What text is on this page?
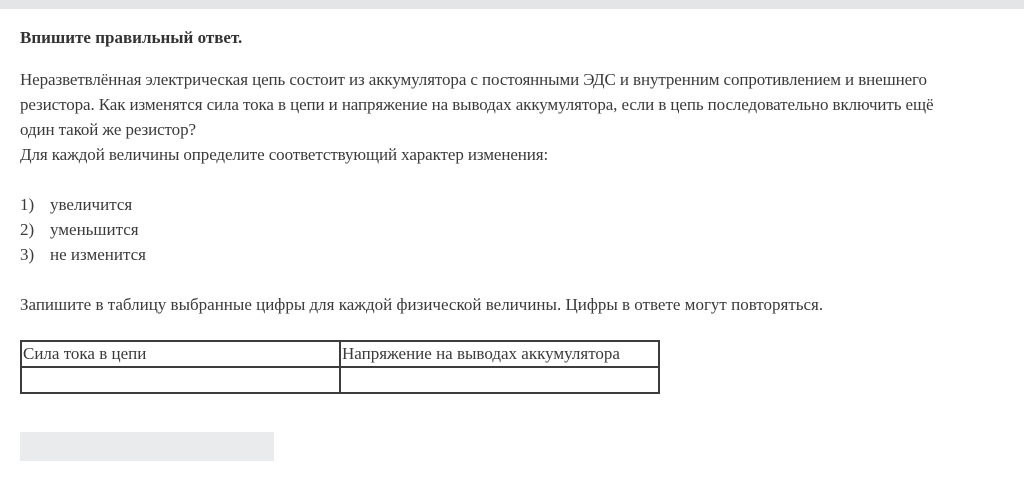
Впишите правильный ответ.
Неразветвлённая электрическая цепь состоит из аккумулятора с постоянными ЭДС и внутренним сопротивлением и внешнего
резистора. Как изменятся сила тока в цепи и напряжение на выводах аккумулятора, если в цепь последовательно включить ещё
один такой же резистор?
Для каждой величины определите соответствующий характер изменения:
1) увеличится
2) уменьшится
3) не изменится
Запишите в таблицу выбранные цифры для каждой физической величины. Цифры в ответе могут повторяться.
Сила тока в цепи	Напряжение на выводах аккумулятора
